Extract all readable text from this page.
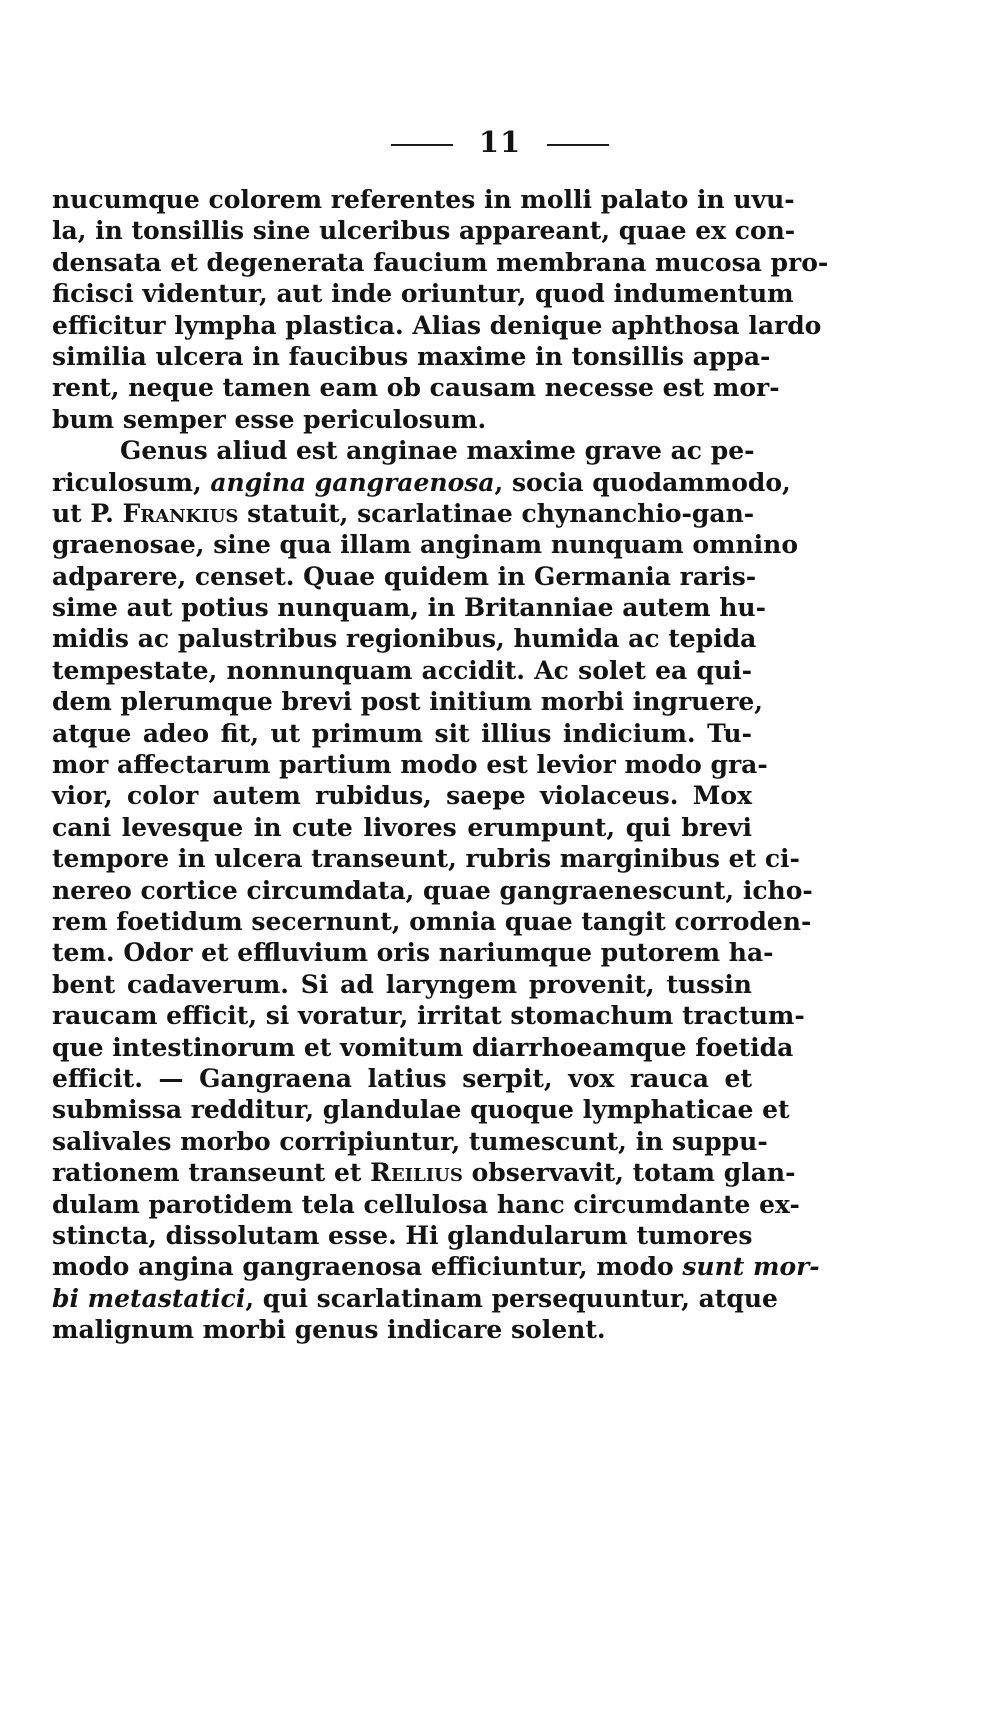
11
nucumque colorem referentes in molli palato in uvu-
la, in tonsillis sine ulceribus appareant, quae ex con-
densata et degenerata faucium membrana mucosa pro-
ficisci videntur, aut inde oriuntur, quod indumentum
efficitur lympha plastica. Alias denique aphthosa lardo
similia ulcera in faucibus maxime in tonsillis appa-
rent, neque tamen eam ob causam necesse est mor-
bum semper esse periculosum.
Genus aliud est anginae maxime grave ac pe-
riculosum, angina gangraenosa, socia quodammodo,
ut P. Frankius statuit, scarlatinae chynanchio-gan-
graenosae, sine qua illam anginam nunquam omnino
adparere, censet. Quae quidem in Germania raris-
sime aut potius nunquam, in Britanniae autem hu-
midis ac palustribus regionibus, humida ac tepida
tempestate, nonnunquam accidit. Ac solet ea qui-
dem plerumque brevi post initium morbi ingruere,
atque adeo fit, ut primum sit illius indicium. Tu-
mor affectarum partium modo est levior modo gra-
vior, color autem rubidus, saepe violaceus. Mox
cani levesque in cute livores erumpunt, qui brevi
tempore in ulcera transeunt, rubris marginibus et ci-
nereo cortice circumdata, quae gangraenescunt, icho-
rem foetidum secernunt, omnia quae tangit corroden-
tem. Odor et effluvium oris nariumque putorem ha-
bent cadaverum. Si ad laryngem provenit, tussin
raucam efficit, si voratur, irritat stomachum tractum-
que intestinorum et vomitum diarrhoeamque foetida
efficit. — Gangraena latius serpit, vox rauca et
submissa redditur, glandulae quoque lymphaticae et
salivales morbo corripiuntur, tumescunt, in suppu-
rationem transeunt et Reilius observavit, totam glan-
dulam parotidem tela cellulosa hanc circumdante ex-
stincta, dissolutam esse. Hi glandularum tumores
modo angina gangraenosa efficiuntur, modo sunt mor-
bi metastatici, qui scarlatinam persequuntur, atque
malignum morbi genus indicare solent.
